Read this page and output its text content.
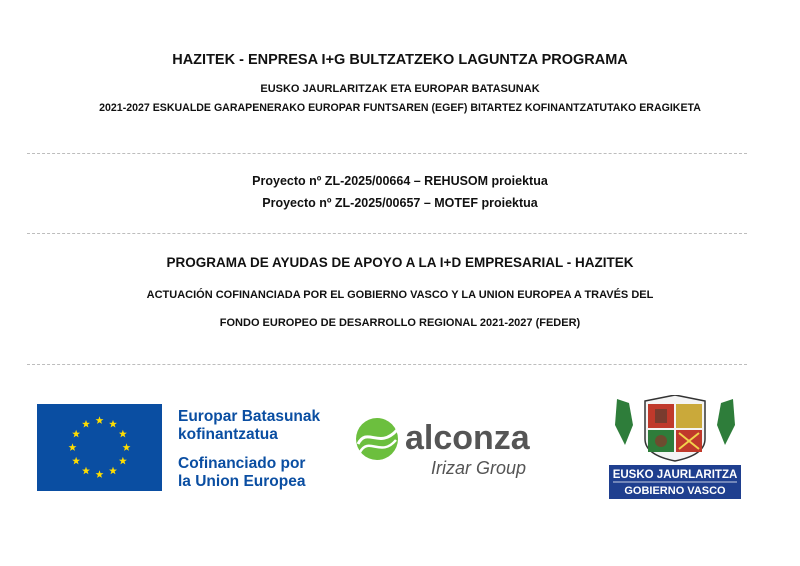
HAZITEK - ENPRESA I+G BULTZATZEKO LAGUNTZA PROGRAMA
EUSKO JAURLARITZAK ETA EUROPAR BATASUNAK
2021-2027 ESKUALDE GARAPENERAKO EUROPAR FUNTSAREN (EGEF) BITARTEZ KOFINANTZATUTAKO ERAGIKETA
Proyecto nº ZL-2025/00664 – REHUSOM proiektua
Proyecto nº ZL-2025/00657 – MOTEF proiektua
PROGRAMA DE AYUDAS DE APOYO A LA I+D EMPRESARIAL - HAZITEK
ACTUACIÓN COFINANCIADA POR EL GOBIERNO VASCO Y LA UNION EUROPEA A TRAVÉS DEL
FONDO EUROPEO DE DESARROLLO REGIONAL 2021-2027 (FEDER)
Europar Batasunak
kofinantzatua
Cofinanciado por
la Union Europea
alconza
Irizar Group	EUSKO JAURLARITZA
GOBIERNO VASCO
